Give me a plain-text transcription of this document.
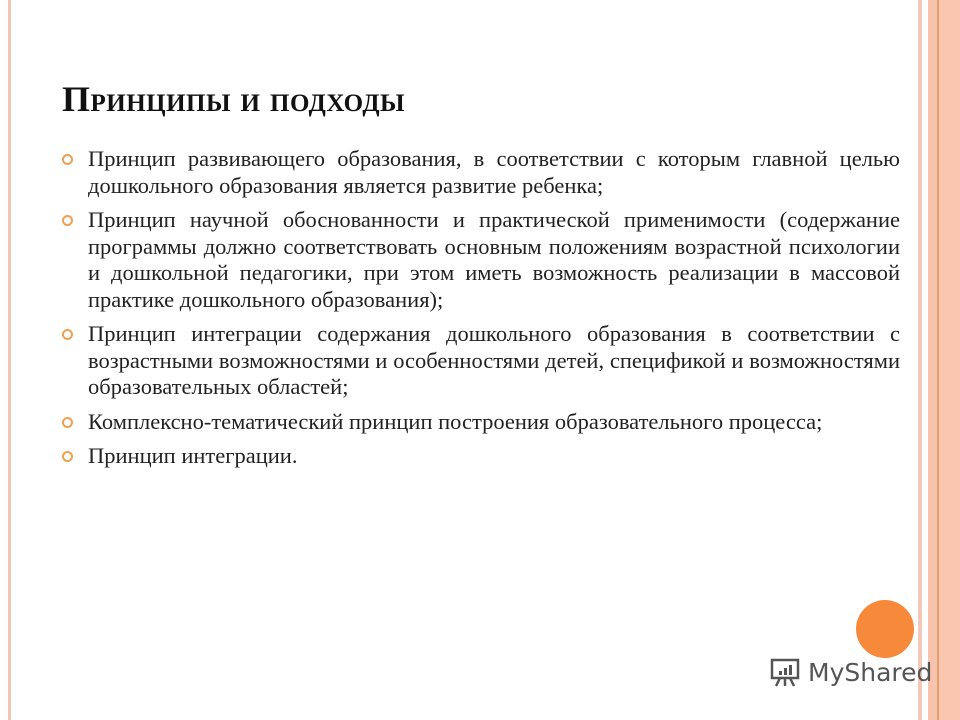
Принципы и подходы
Принцип развивающего образования, в соответствии с которым главной целью дошкольного образования является развитие ребенка;
Принцип научной обоснованности и практической применимости (содержание программы должно соответствовать основным положениям возрастной психологии и дошкольной педагогики, при этом иметь возможность реализации в массовой практике дошкольного образования);
Принцип интеграции содержания дошкольного образования в соответствии с возрастными возможностями и особенностями детей, спецификой и возможностями образовательных областей;
Комплексно-тематический принцип построения образовательного процесса;
Принцип интеграции.
MyShared
